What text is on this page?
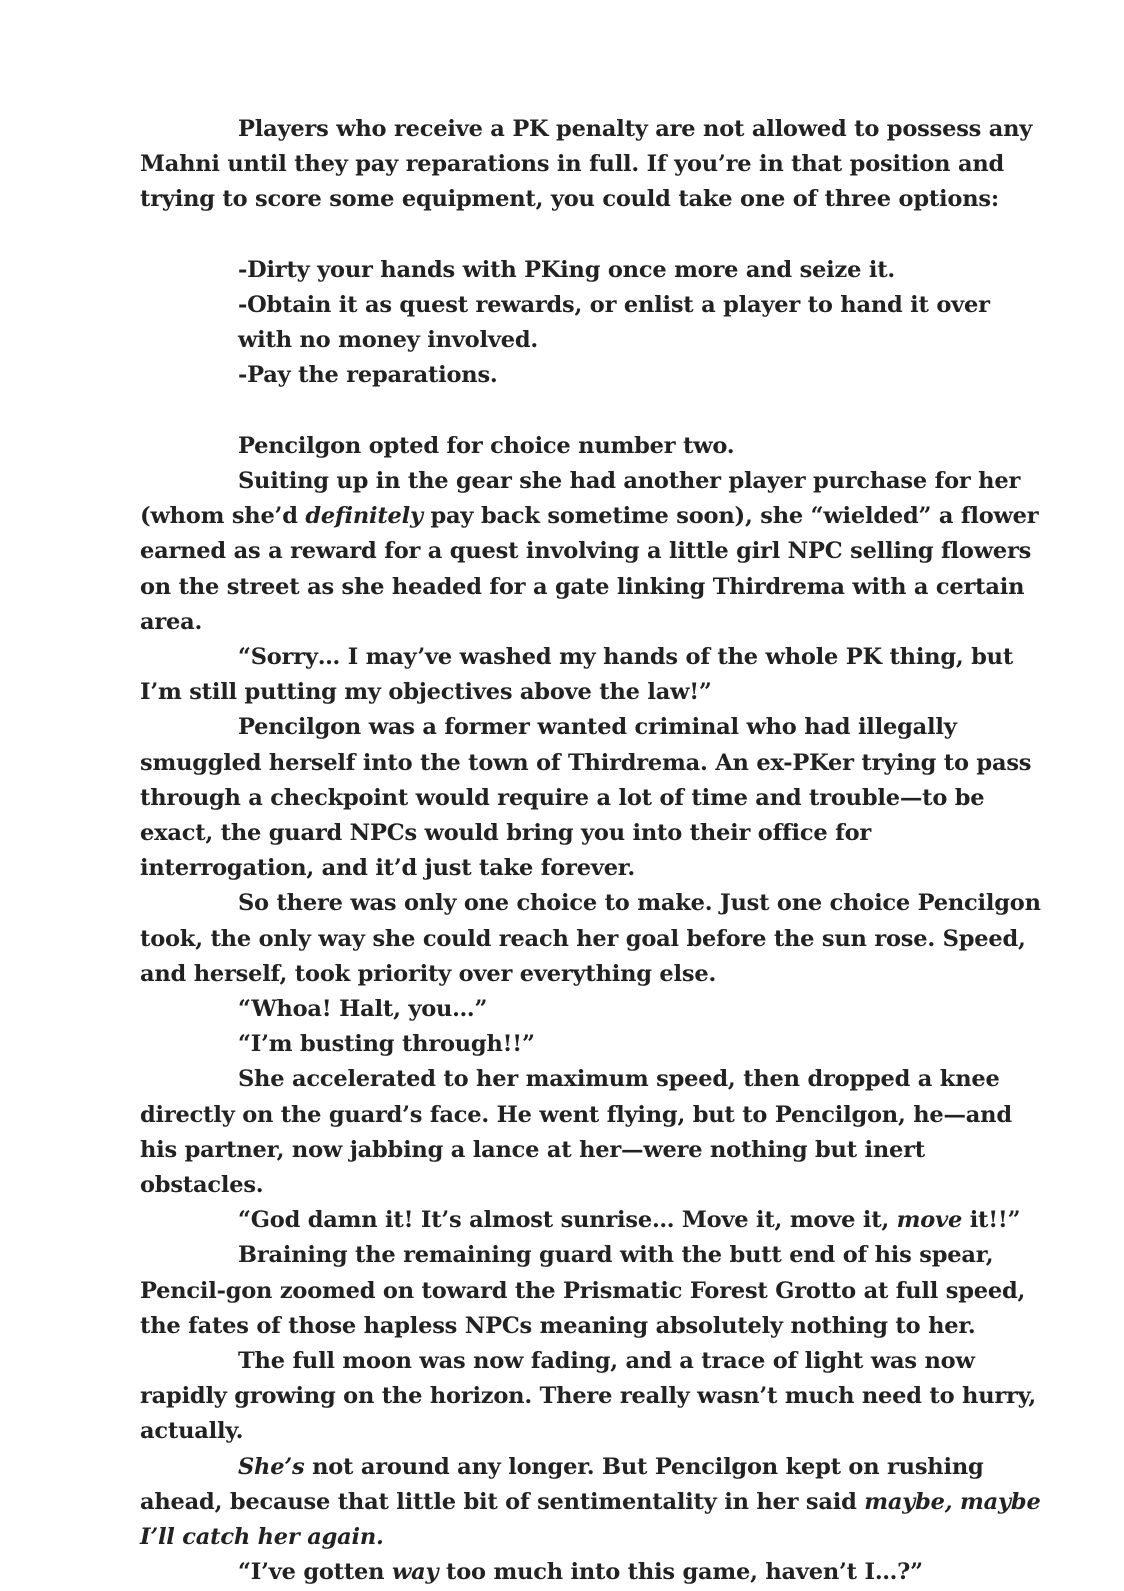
Players who receive a PK penalty are not allowed to possess any Mahni until they pay reparations in full. If you’re in that position and trying to score some equipment, you could take one of three options:

-Dirty your hands with PKing once more and seize it.

-Obtain it as quest rewards, or enlist a player to hand it over with no money involved.

-Pay the reparations.

Pencilgon opted for choice number two.

Suiting up in the gear she had another player purchase for her (whom she’d definitely pay back sometime soon), she “wielded” a flower earned as a reward for a quest involving a little girl NPC selling flowers on the street as she headed for a gate linking Thirdrema with a certain area.

“Sorry… I may’ve washed my hands of the whole PK thing, but I’m still putting my objectives above the law!”

Pencilgon was a former wanted criminal who had illegally smuggled herself into the town of Thirdrema. An ex-PKer trying to pass through a checkpoint would require a lot of time and trouble—to be exact, the guard NPCs would bring you into their office for interrogation, and it’d just take forever.

So there was only one choice to make. Just one choice Pencilgon took, the only way she could reach her goal before the sun rose. Speed, and herself, took priority over everything else.

“Whoa! Halt, you…”

“I’m busting through!!”

She accelerated to her maximum speed, then dropped a knee directly on the guard’s face. He went flying, but to Pencilgon, he—and his partner, now jabbing a lance at her—were nothing but inert obstacles.

“God damn it! It’s almost sunrise… Move it, move it, move it!!”

Braining the remaining guard with the butt end of his spear, Pencil-gon zoomed on toward the Prismatic Forest Grotto at full speed, the fates of those hapless NPCs meaning absolutely nothing to her.

The full moon was now fading, and a trace of light was now rapidly growing on the horizon. There really wasn’t much need to hurry, actually.

She’s not around any longer. But Pencilgon kept on rushing ahead, because that little bit of sentimentality in her said maybe, maybe I’ll catch her again.

“I’ve gotten way too much into this game, haven’t I…?”
